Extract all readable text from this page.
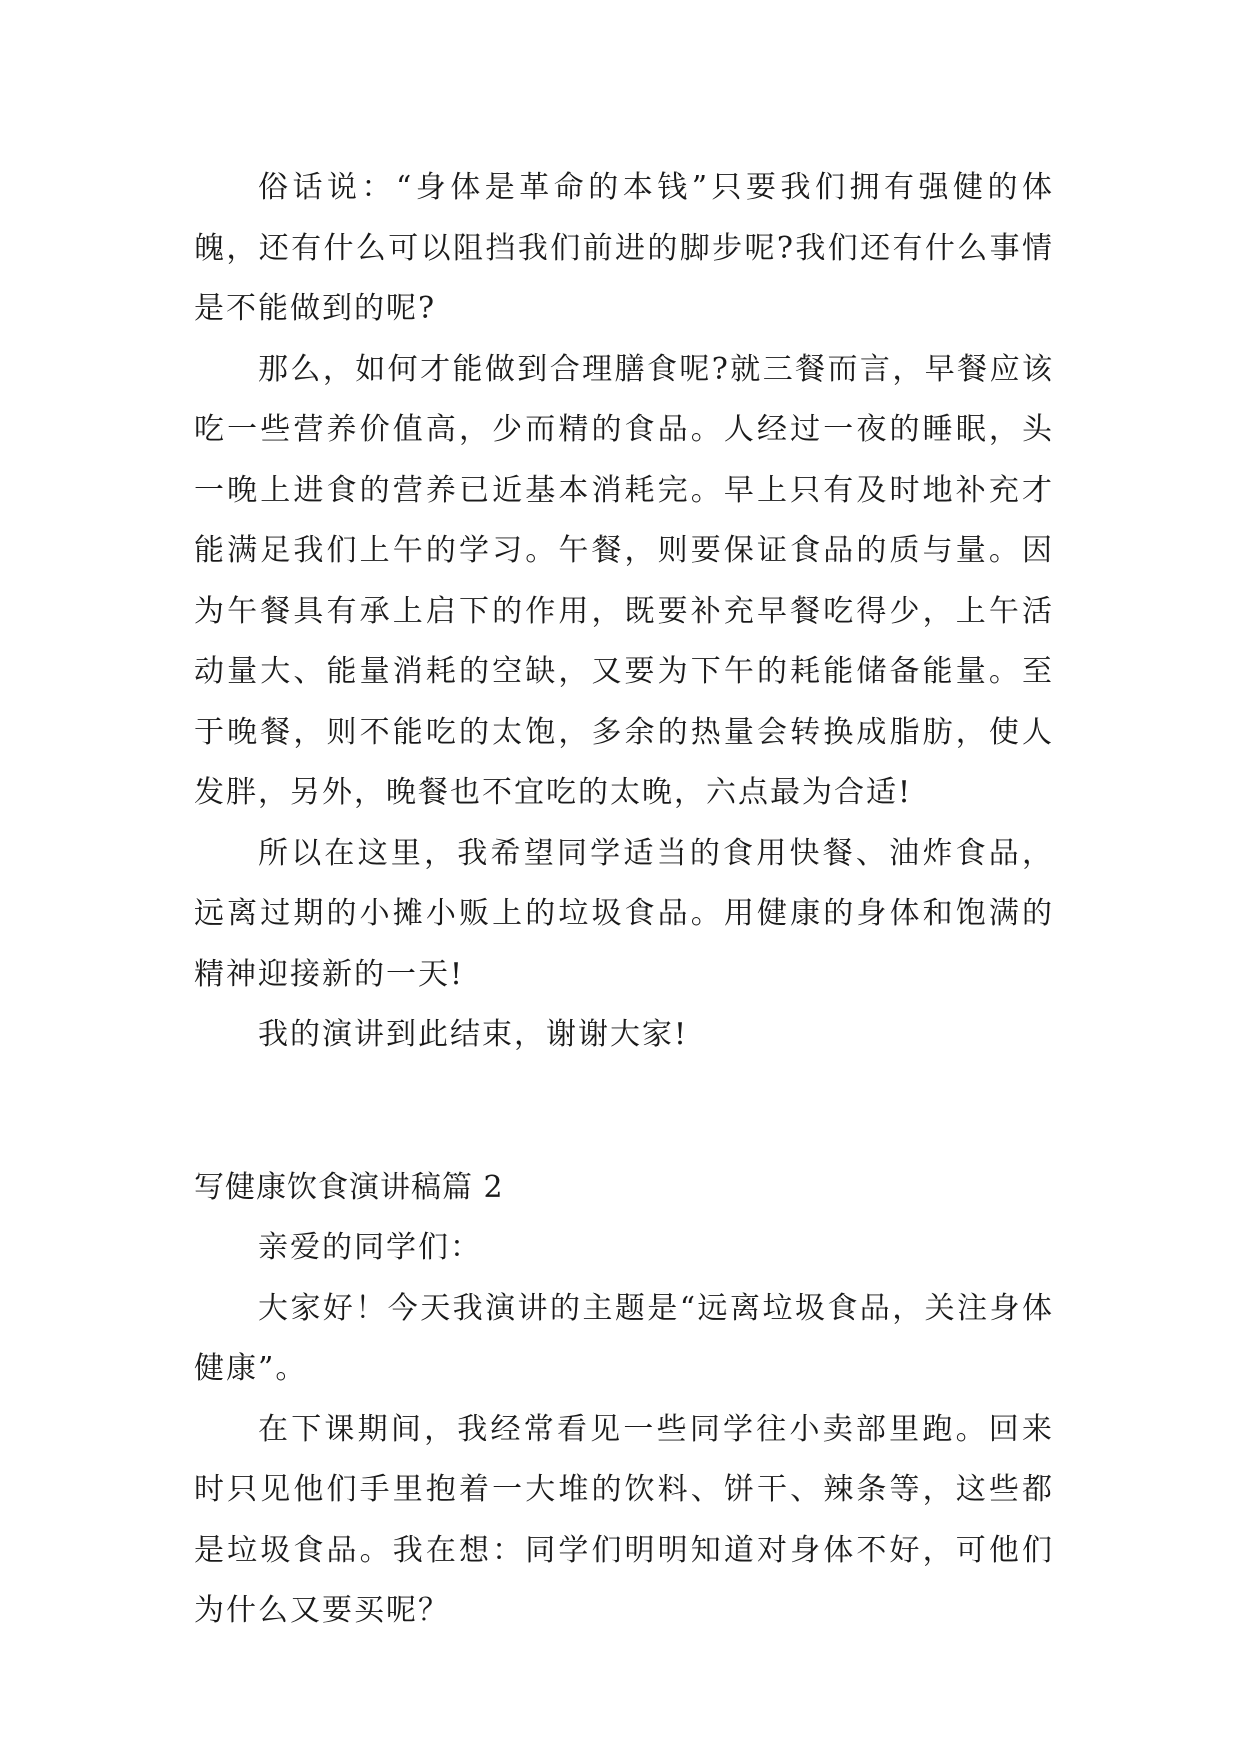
俗话说：“身体是革命的本钱”只要我们拥有强健的体魄，还有什么可以阻挡我们前进的脚步呢?我们还有什么事情是不能做到的呢?

那么，如何才能做到合理膳食呢?就三餐而言，早餐应该吃一些营养价值高，少而精的食品。人经过一夜的睡眠，头一晚上进食的营养已近基本消耗完。早上只有及时地补充才能满足我们上午的学习。午餐，则要保证食品的质与量。因为午餐具有承上启下的作用，既要补充早餐吃得少，上午活动量大、能量消耗的空缺，又要为下午的耗能储备能量。至于晚餐，则不能吃的太饱，多余的热量会转换成脂肪，使人发胖，另外，晚餐也不宜吃的太晚，六点最为合适!

所以在这里，我希望同学适当的食用快餐、油炸食品，远离过期的小摊小贩上的垃圾食品。用健康的身体和饱满的精神迎接新的一天!

我的演讲到此结束，谢谢大家!

写健康饮食演讲稿篇 2

亲爱的同学们：

大家好！今天我演讲的主题是“远离垃圾食品，关注身体健康”。

在下课期间，我经常看见一些同学往小卖部里跑。回来时只见他们手里抱着一大堆的饮料、饼干、辣条等，这些都是垃圾食品。我在想：同学们明明知道对身体不好，可他们为什么又要买呢？
